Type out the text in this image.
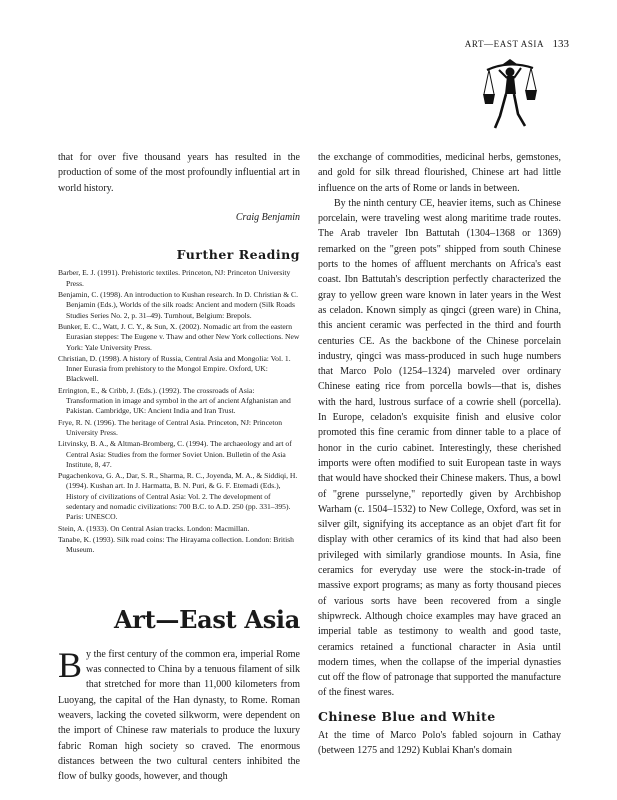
ART—EAST ASIA 133

that for over five thousand years has resulted in the production of some of the most profoundly influential art in world history.

Craig Benjamin

Further Reading

Barber, E. J. (1991). Prehistoric textiles. Princeton, NJ: Princeton University Press.

Benjamin, C. (1998). An introduction to Kushan research. In D. Christian & C. Benjamin (Eds.), Worlds of the silk roads: Ancient and modern (Silk Roads Studies Series No. 2, p. 31–49). Turnhout, Belgium: Brepols.

Bunker, E. C., Watt, J. C. Y., & Sun, X. (2002). Nomadic art from the eastern Eurasian steppes: The Eugene v. Thaw and other New York collections. New York: Yale University Press.

Christian, D. (1998). A history of Russia, Central Asia and Mongolia: Vol. 1. Inner Eurasia from prehistory to the Mongol Empire. Oxford, UK: Blackwell.

Errington, E., & Cribb, J. (Eds.). (1992). The crossroads of Asia: Transformation in image and symbol in the art of ancient Afghanistan and Pakistan. Cambridge, UK: Ancient India and Iran Trust.

Frye, R. N. (1996). The heritage of Central Asia. Princeton, NJ: Princeton University Press.

Litvinsky, B. A., & Altman-Bromberg, C. (1994). The archaeology and art of Central Asia: Studies from the former Soviet Union. Bulletin of the Asia Institute, 8, 47.

Pugachenkova, G. A., Dar, S. R., Sharma, R. C., Joyenda, M. A., & Siddiqi, H. (1994). Kushan art. In J. Harmatta, B. N. Puri, & G. F. Etemadi (Eds.), History of civilizations of Central Asia: Vol. 2. The development of sedentary and nomadic civilizations: 700 B.C. to A.D. 250 (pp. 331–395). Paris: UNESCO.

Stein, A. (1933). On Central Asian tracks. London: Macmillan.

Tanabe, K. (1993). Silk road coins: The Hirayama collection. London: British Museum.

Art—East Asia

By the first century of the common era, imperial Rome was connected to China by a tenuous filament of silk that stretched for more than 11,000 kilometers from Luoyang, the capital of the Han dynasty, to Rome. Roman weavers, lacking the coveted silkworm, were dependent on the import of Chinese raw materials to produce the luxury fabric Roman high society so craved. The enormous distances between the two cultural centers inhibited the flow of bulky goods, however, and though

the exchange of commodities, medicinal herbs, gemstones, and gold for silk thread flourished, Chinese art had little influence on the arts of Rome or lands in between.

By the ninth century CE, heavier items, such as Chinese porcelain, were traveling west along maritime trade routes. The Arab traveler Ibn Battutah (1304–1368 or 1369) remarked on the "green pots" shipped from south Chinese ports to the homes of affluent merchants on Africa's east coast. Ibn Battutah's description perfectly characterized the gray to yellow green ware known in later years in the West as celadon. Known simply as qingci (green ware) in China, this ancient ceramic was perfected in the third and fourth centuries CE. As the backbone of the Chinese porcelain industry, qingci was mass-produced in such huge numbers that Marco Polo (1254–1324) marveled over ordinary Chinese eating rice from porcella bowls—that is, dishes with the hard, lustrous surface of a cowrie shell (porcella). In Europe, celadon's exquisite finish and elusive color promoted this fine ceramic from dinner table to a place of honor in the curio cabinet. Interestingly, these cherished imports were often modified to suit European taste in ways that would have shocked their Chinese makers. Thus, a bowl of "grene pursselyne," reportedly given by Archbishop Warham (c. 1504–1532) to New College, Oxford, was set in silver gilt, signifying its acceptance as an objet d'art fit for display with other ceramics of its kind that had also been privileged with similarly grandiose mounts. In Asia, fine ceramics for everyday use were the stock-in-trade of massive export programs; as many as forty thousand pieces of various sorts have been recovered from a single shipwreck. Although choice examples may have graced an imperial table as testimony to wealth and good taste, ceramics retained a functional character in Asia until modern times, when the collapse of the imperial dynasties cut off the flow of patronage that supported the manufacture of the finest wares.

Chinese Blue and White

At the time of Marco Polo's fabled sojourn in Cathay (between 1275 and 1292) Kublai Khan's domain
